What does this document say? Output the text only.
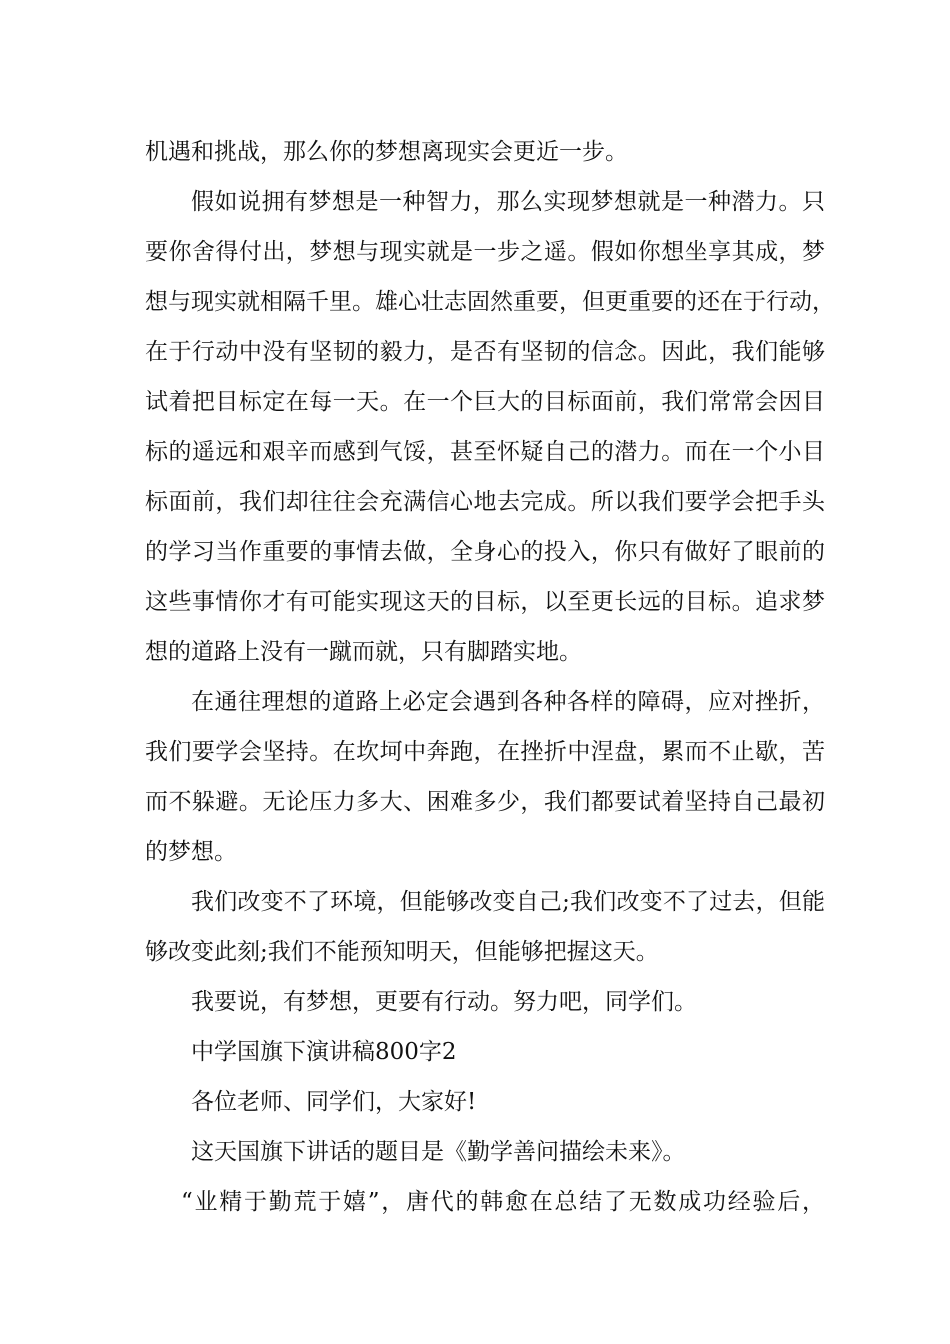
机遇和挑战，那么你的梦想离现实会更近一步。

假如说拥有梦想是一种智力，那么实现梦想就是一种潜力。只
要你舍得付出，梦想与现实就是一步之遥。假如你想坐享其成，梦
想与现实就相隔千里。雄心壮志固然重要，但更重要的还在于行动，
在于行动中没有坚韧的毅力，是否有坚韧的信念。因此，我们能够
试着把目标定在每一天。在一个巨大的目标面前，我们常常会因目
标的遥远和艰辛而感到气馁，甚至怀疑自己的潜力。而在一个小目
标面前，我们却往往会充满信心地去完成。所以我们要学会把手头
的学习当作重要的事情去做，全身心的投入，你只有做好了眼前的
这些事情你才有可能实现这天的目标，以至更长远的目标。追求梦
想的道路上没有一蹴而就，只有脚踏实地。

在通往理想的道路上必定会遇到各种各样的障碍，应对挫折，
我们要学会坚持。在坎坷中奔跑，在挫折中涅盘，累而不止歇，苦
而不躲避。无论压力多大、困难多少，我们都要试着坚持自己最初
的梦想。

我们改变不了环境，但能够改变自己;我们改变不了过去，但能
够改变此刻;我们不能预知明天，但能够把握这天。

我要说，有梦想，更要有行动。努力吧，同学们。

中学国旗下演讲稿800字2

各位老师、同学们，大家好!

这天国旗下讲话的题目是《勤学善问描绘未来》。

“业精于勤荒于嬉”，唐代的韩愈在总结了无数成功经验后，
